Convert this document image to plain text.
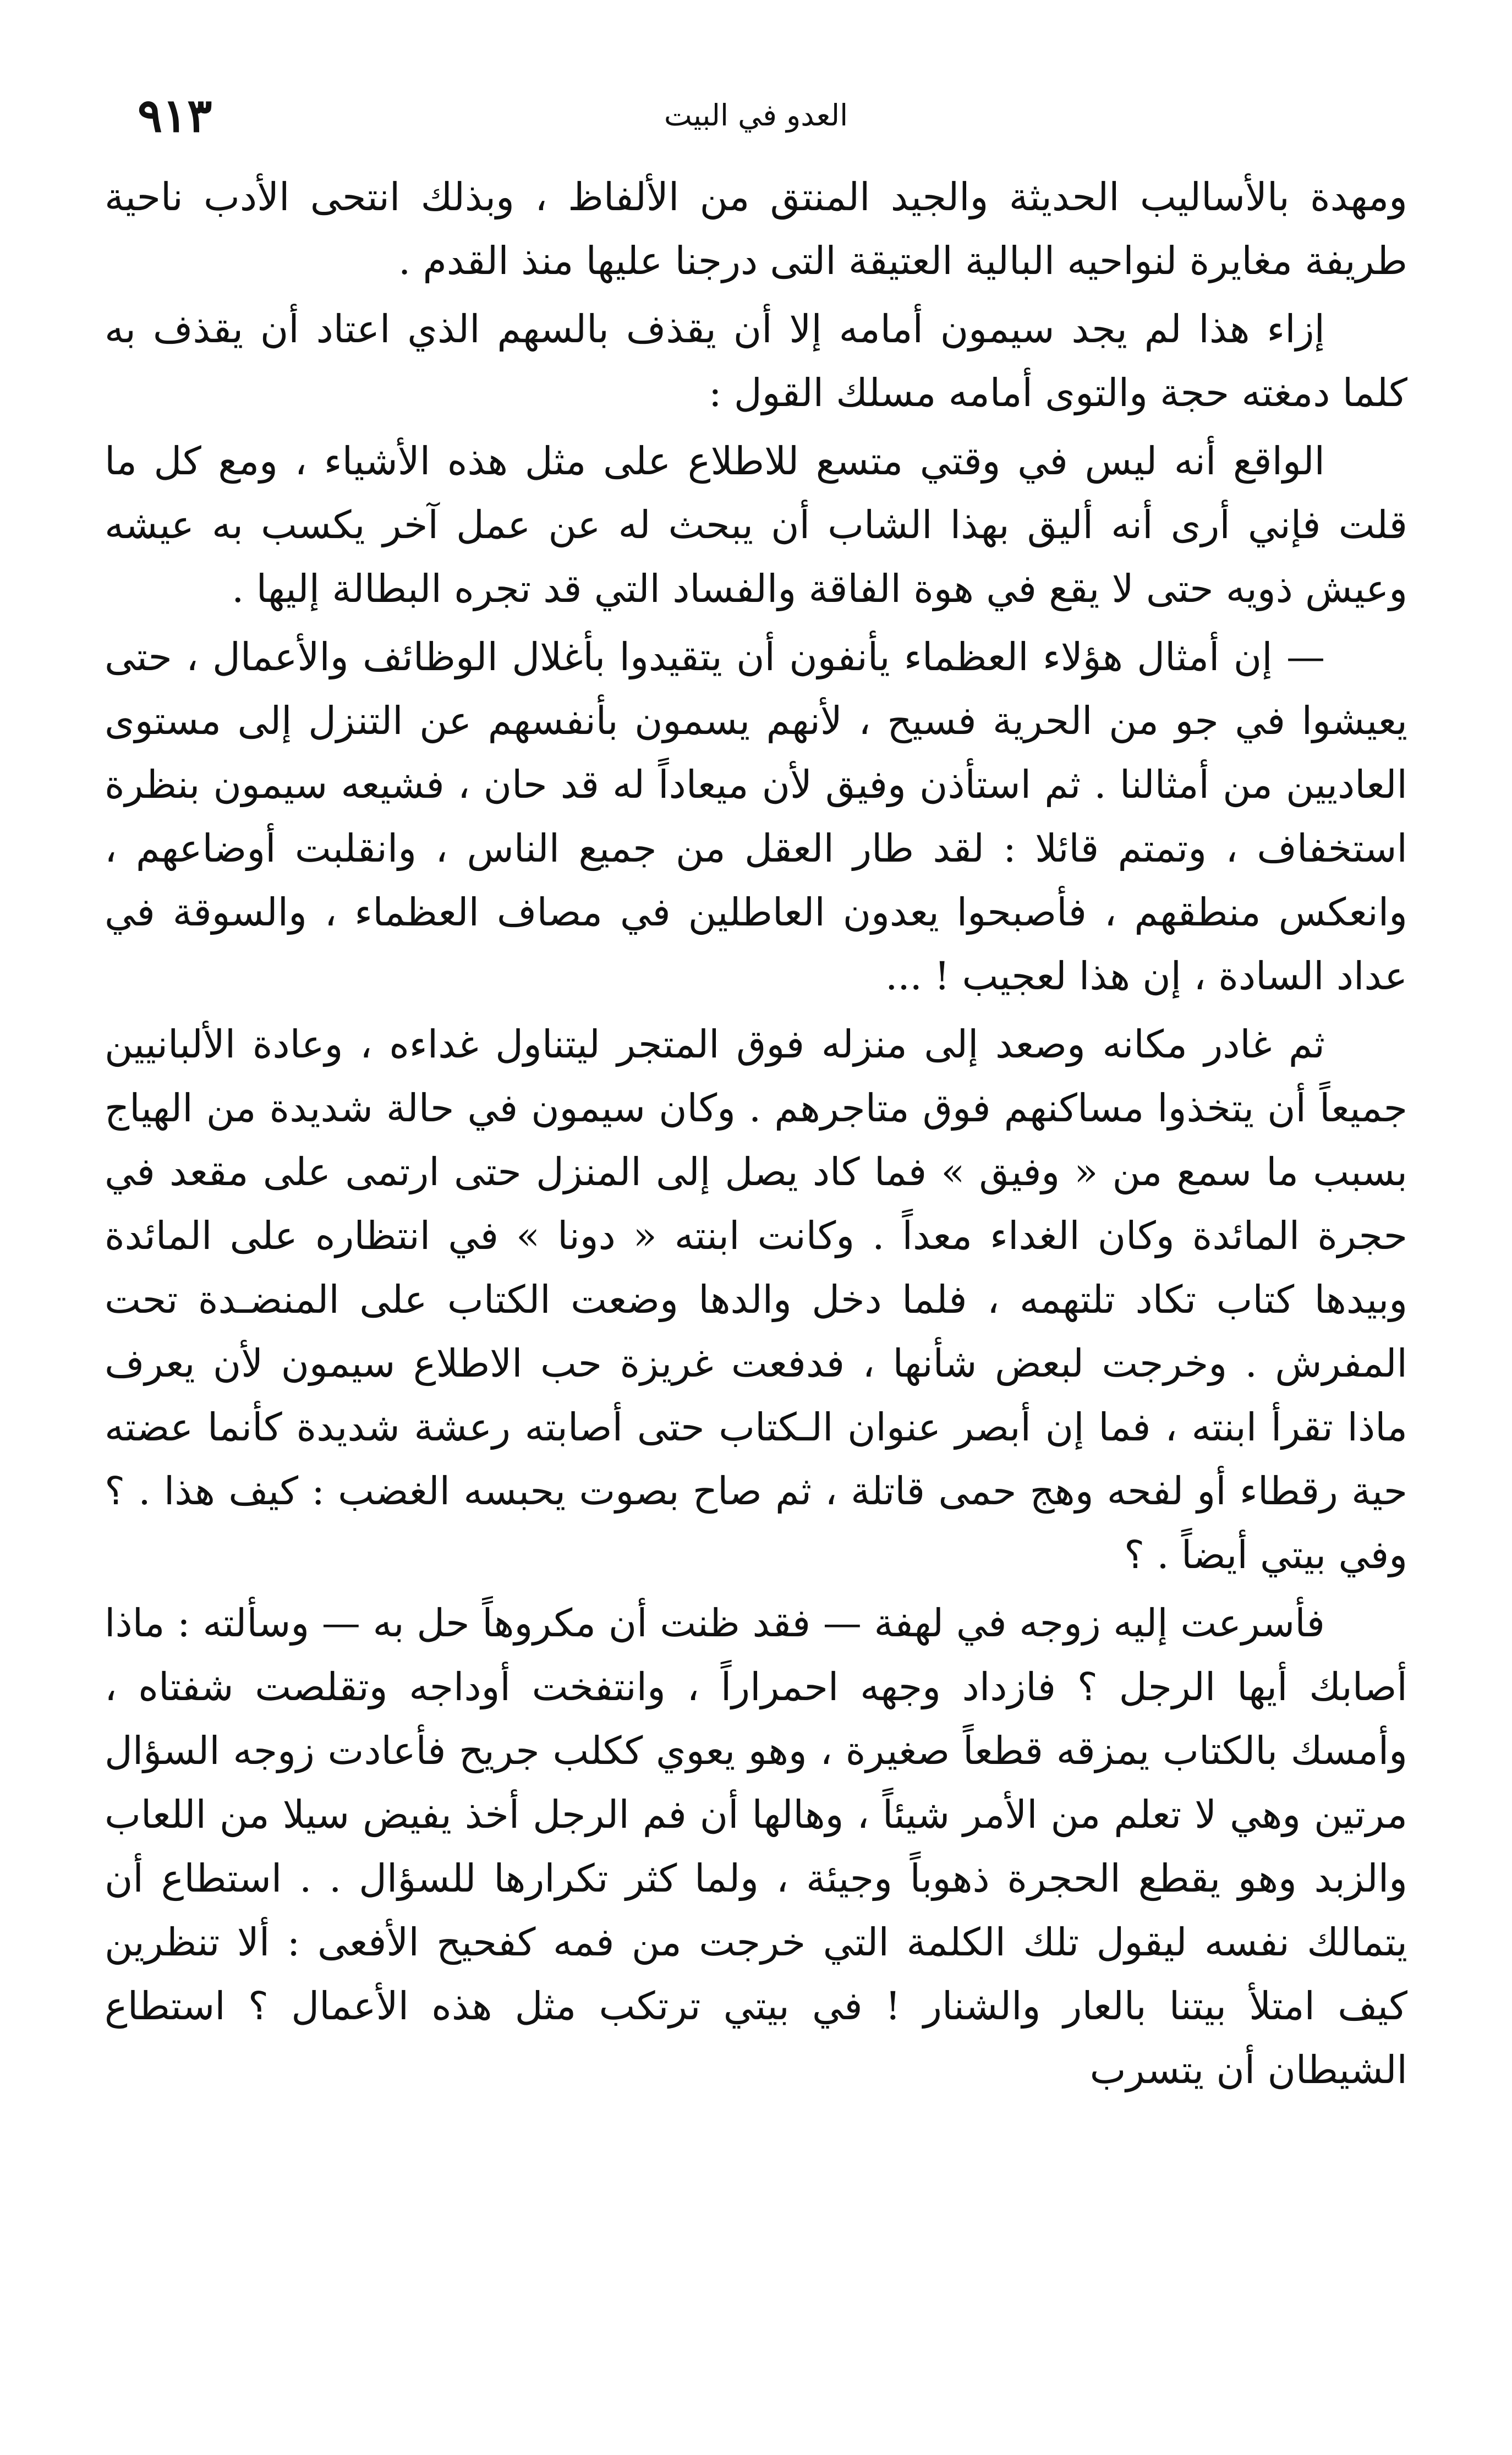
٩١٣	العدو في البيت

ومهدة بالأساليب الحديثة والجيد المنتق من الألفاظ ، وبذلك انتحى الأدب ناحية طريفة مغايرة لنواحيه البالية العتيقة التى درجنا عليها منذ القدم .

إزاء هذا لم يجد سيمون أمامه إلا أن يقذف بالسهم الذي اعتاد أن يقذف به كلما دمغته حجة والتوى أمامه مسلك القول :

الواقع أنه ليس في وقتي متسع للاطلاع على مثل هذه الأشياء ، ومع كل ما قلت فإني أرى أنه أليق بهذا الشاب أن يبحث له عن عمل آخر يكسب به عيشه وعيش ذويه حتى لا يقع في هوة الفاقة والفساد التي قد تجره البطالة إليها .

— إن أمثال هؤلاء العظماء يأنفون أن يتقيدوا بأغلال الوظائف والأعمال ، حتى يعيشوا في جو من الحرية فسيح ، لأنهم يسمون بأنفسهم عن التنزل إلى مستوى العاديين من أمثالنا . ثم استأذن وفيق لأن ميعاداً له قد حان ، فشيعه سيمون بنظرة استخفاف ، وتمتم قائلا : لقد طار العقل من جميع الناس ، وانقلبت أوضاعهم ، وانعكس منطقهم ، فأصبحوا يعدون العاطلين في مصاف العظماء ، والسوقة في عداد السادة ، إن هذا لعجيب ! ...

ثم غادر مكانه وصعد إلى منزله فوق المتجر ليتناول غداءه ، وعادة الألبانيين جميعاً أن يتخذوا مساكنهم فوق متاجرهم . وكان سيمون في حالة شديدة من الهياج بسبب ما سمع من « وفيق » فما كاد يصل إلى المنزل حتى ارتمى على مقعد في حجرة المائدة وكان الغداء معداً . وكانت ابنته « دونا » في انتظاره على المائدة وبيدها كتاب تكاد تلتهمه ، فلما دخل والدها وضعت الكتاب على المنضـدة تحت المفرش . وخرجت لبعض شأنها ، فدفعت غريزة حب الاطلاع سيمون لأن يعرف ماذا تقرأ ابنته ، فما إن أبصر عنوان الـكتاب حتى أصابته رعشة شديدة كأنما عضته حية رقطاء أو لفحه وهج حمى قاتلة ، ثم صاح بصوت يحبسه الغضب : كيف هذا . ؟ وفي بيتي أيضاً . ؟

فأسرعت إليه زوجه في لهفة — فقد ظنت أن مكروهاً حل به — وسألته : ماذا أصابك أيها الرجل ؟ فازداد وجهه احمراراً ، وانتفخت أوداجه وتقلصت شفتاه ، وأمسك بالكتاب يمزقه قطعاً صغيرة ، وهو يعوي ككلب جريح فأعادت زوجه السؤال مرتين وهي لا تعلم من الأمر شيئاً ، وهالها أن فم الرجل أخذ يفيض سيلا من اللعاب والزبد وهو يقطع الحجرة ذهوباً وجيئة ، ولما كثر تكرارها للسؤال . . استطاع أن يتمالك نفسه ليقول تلك الكلمة التي خرجت من فمه كفحيح الأفعى : ألا تنظرين كيف امتلأ بيتنا بالعار والشنار ! في بيتي ترتكب مثل هذه الأعمال ؟ استطاع الشيطان أن يتسرب
